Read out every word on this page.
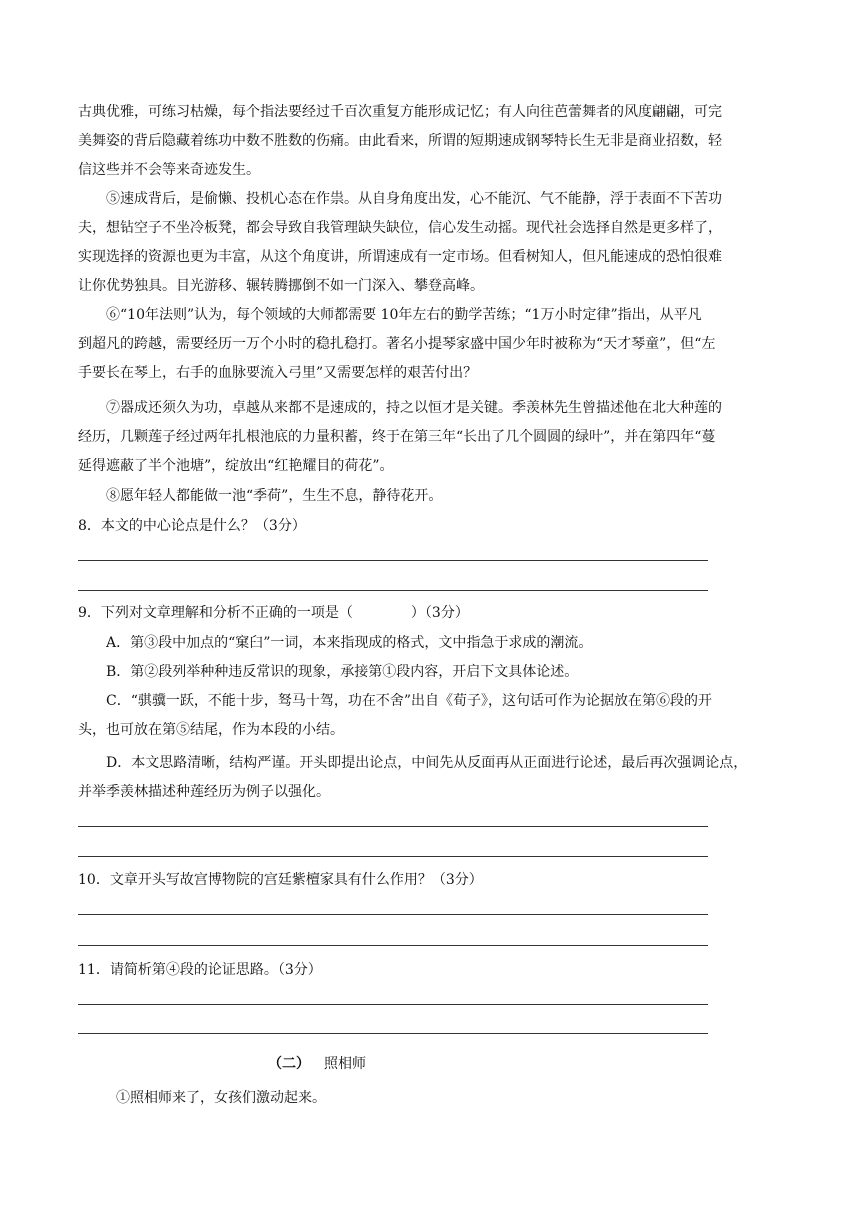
古典优雅，可练习枯燥，每个指法要经过千百次重复方能形成记忆；有人向往芭蕾舞者的风度翩翩，可完
美舞姿的背后隐藏着练功中数不胜数的伤痛。由此看来，所谓的短期速成钢琴特长生无非是商业招数，轻
信这些并不会等来奇迹发生。
⑤速成背后，是偷懒、投机心态在作祟。从自身角度出发，心不能沉、气不能静，浮于表面不下苦功
夫，想钻空子不坐冷板凳，都会导致自我管理缺失缺位，信心发生动摇。现代社会选择自然是更多样了，
实现选择的资源也更为丰富，从这个角度讲，所谓速成有一定市场。但看树知人，但凡能速成的恐怕很难
让你优势独具。目光游移、辗转腾挪倒不如一门深入、攀登高峰。
⑥“10年法则”认为，每个领域的大师都需要 10年左右的勤学苦练；“1万小时定律”指出，从平凡
到超凡的跨越，需要经历一万个小时的稳扎稳打。著名小提琴家盛中国少年时被称为“天才琴童”，但“左
手要长在琴上，右手的血脉要流入弓里”又需要怎样的艰苦付出？
⑦器成还须久为功，卓越从来都不是速成的，持之以恒才是关键。季羡林先生曾描述他在北大种莲的
经历，几颗莲子经过两年扎根池底的力量积蓄，终于在第三年“长出了几个圆圆的绿叶”，并在第四年“蔓
延得遮蔽了半个池塘”，绽放出“红艳耀目的荷花”。
⑧愿年轻人都能做一池“季荷”，生生不息，静待花开。
8．本文的中心论点是什么？（3分）
9．下列对文章理解和分析不正确的一项是（	）（3分）
A．第③段中加点的“窠臼”一词，本来指现成的格式，文中指急于求成的潮流。
B．第②段列举种种违反常识的现象，承接第①段内容，开启下文具体论述。
C．“骐骥一跃，不能十步，驽马十驾，功在不舍”出自《荀子》，这句话可作为论据放在第⑥段的开
头，也可放在第⑤结尾，作为本段的小结。
D．本文思路清晰，结构严谨。开头即提出论点，中间先从反面再从正面进行论述，最后再次强调论点，
并举季羡林描述种莲经历为例子以强化。
10．文章开头写故宫博物院的宫廷紫檀家具有什么作用？（3分）
11．请简析第④段的论证思路。（3分）
（二） 照相师
①照相师来了，女孩们激动起来。
